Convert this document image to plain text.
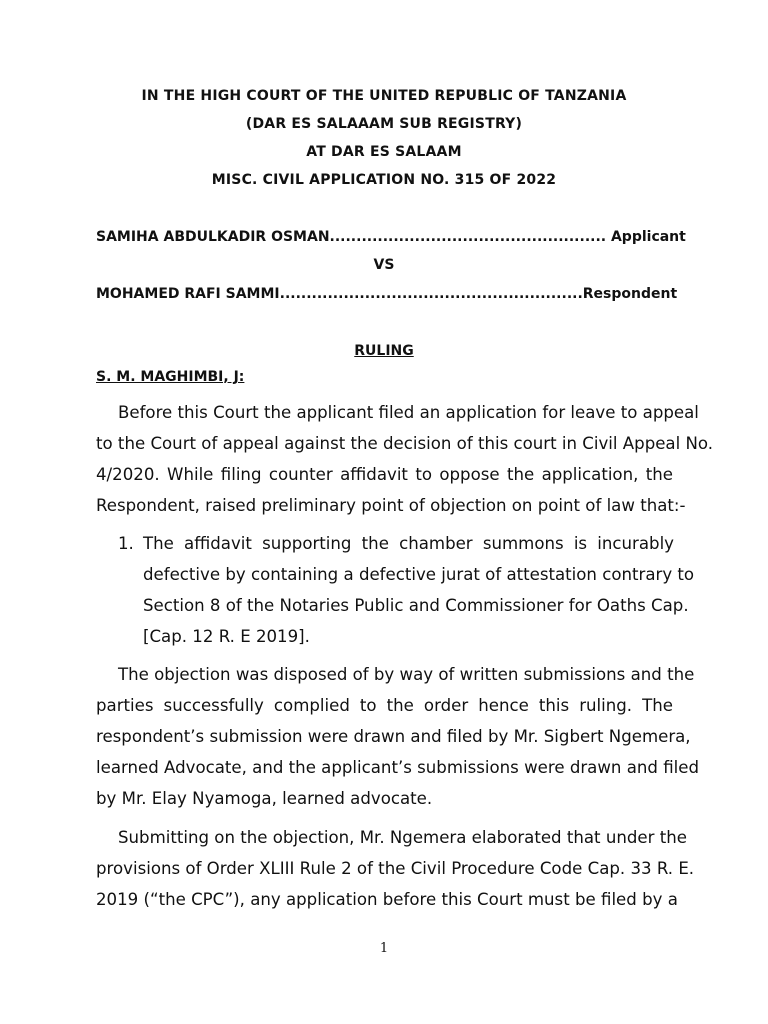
IN THE HIGH COURT OF THE UNITED REPUBLIC OF TANZANIA
(DAR ES SALAAAM SUB REGISTRY)
AT DAR ES SALAAM
MISC. CIVIL APPLICATION NO. 315 OF 2022
SAMIHA ABDULKADIR OSMAN.................................................... Applicant
VS
MOHAMED RAFI SAMMI.........................................................Respondent
RULING
S. M. MAGHIMBI, J:
Before this Court the applicant filed an application for leave to appeal
to the Court of appeal against the decision of this court in Civil Appeal No.
4/2020. While filing counter affidavit to oppose the application, the
Respondent, raised preliminary point of objection on point of law that:-
1. The affidavit supporting the chamber summons is incurably
defective by containing a defective jurat of attestation contrary to
Section 8 of the Notaries Public and Commissioner for Oaths Cap.
[Cap. 12 R. E 2019].
The objection was disposed of by way of written submissions and the
parties successfully complied to the order hence this ruling. The
respondent’s submission were drawn and filed by Mr. Sigbert Ngemera,
learned Advocate, and the applicant’s submissions were drawn and filed
by Mr. Elay Nyamoga, learned advocate.
Submitting on the objection, Mr. Ngemera elaborated that under the
provisions of Order XLIII Rule 2 of the Civil Procedure Code Cap. 33 R. E.
2019 (“the CPC”), any application before this Court must be filed by a
1
